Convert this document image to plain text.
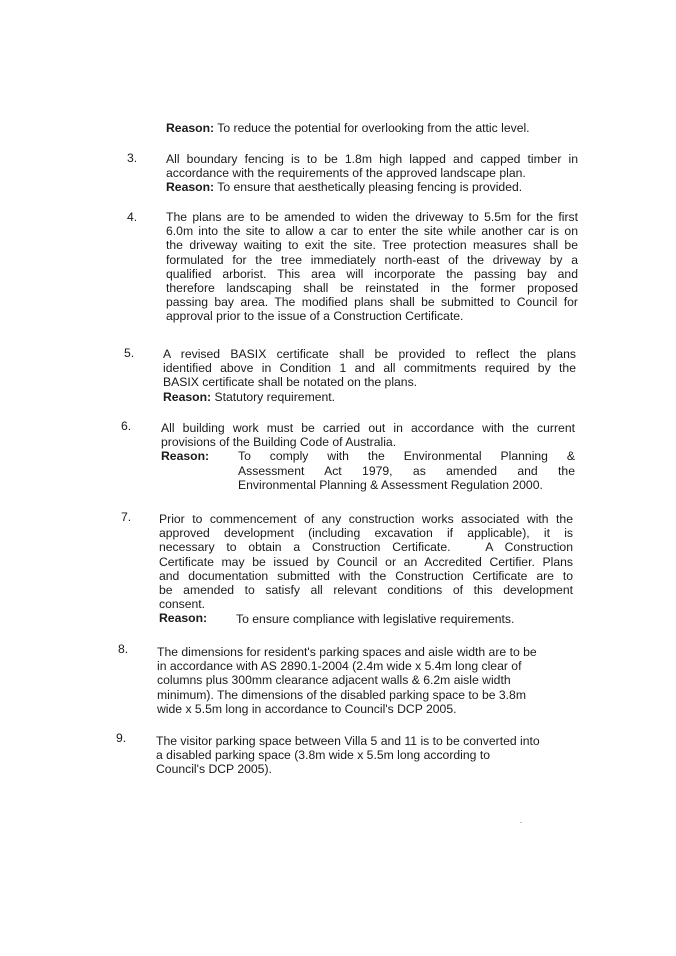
Reason: To reduce the potential for overlooking from the attic level.
3. All boundary fencing is to be 1.8m high lapped and capped timber in
accordance with the requirements of the approved landscape plan.
Reason: To ensure that aesthetically pleasing fencing is provided.
4. The plans are to be amended to widen the driveway to 5.5m for the first
6.0m into the site to allow a car to enter the site while another car is on
the driveway waiting to exit the site. Tree protection measures shall be
formulated for the tree immediately north-east of the driveway by a
qualified arborist. This area will incorporate the passing bay and
therefore landscaping shall be reinstated in the former proposed
passing bay area. The modified plans shall be submitted to Council for
approval prior to the issue of a Construction Certificate.
5. A revised BASIX certificate shall be provided to reflect the plans
identified above in Condition 1 and all commitments required by the
BASIX certificate shall be notated on the plans.
Reason: Statutory requirement.
6. All building work must be carried out in accordance with the current
provisions of the Building Code of Australia.
Reason: To comply with the Environmental Planning &
Assessment Act 1979, as amended and the
Environmental Planning & Assessment Regulation 2000.
7. Prior to commencement of any construction works associated with the
approved development (including excavation if applicable), it is
necessary to obtain a Construction Certificate.   A Construction
Certificate may be issued by Council or an Accredited Certifier. Plans
and documentation submitted with the Construction Certificate are to
be amended to satisfy all relevant conditions of this development
consent.
Reason: To ensure compliance with legislative requirements.
8. The dimensions for resident's parking spaces and aisle width are to be
in accordance with AS 2890.1-2004 (2.4m wide x 5.4m long clear of
columns plus 300mm clearance adjacent walls & 6.2m aisle width
minimum). The dimensions of the disabled parking space to be 3.8m
wide x 5.5m long in accordance to Council's DCP 2005.
9. The visitor parking space between Villa 5 and 11 is to be converted into
a disabled parking space (3.8m wide x 5.5m long according to
Council's DCP 2005).
